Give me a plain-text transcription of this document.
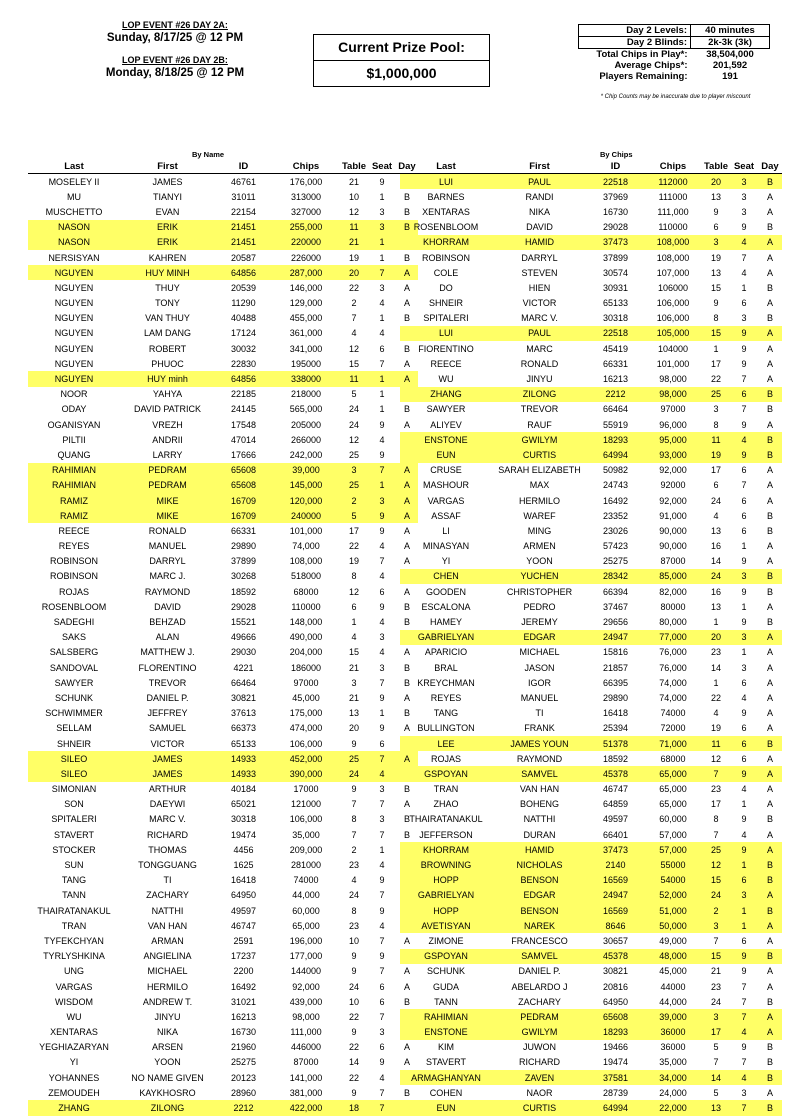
LOP EVENT #26 DAY 2A:
Sunday, 8/17/25 @ 12 PM
LOP EVENT #26 DAY 2B:
Monday, 8/18/25 @ 12 PM
Current Prize Pool:
$1,000,000
Day 2 Levels:	40 minutes
Day 2 Blinds:	2k-3k (3k)
Total Chips in Play*:	38,504,000
Average Chips*:	201,592
Players Remaining:	191
* Chip Counts may be inaccurate due to player miscount
By Name	By Chips
Last	First	ID	Chips	Table	Seat	Day
MOSELEY II	JAMES	46761	176,000	21	9	
MU	TIANYI	31011	313000	10	1	B
MUSCHETTO	EVAN	22154	327000	12	3	B
NASON	ERIK	21451	255,000	11	3	B
NASON	ERIK	21451	220000	21	1	
NERSISYAN	KAHREN	20587	226000	19	1	B
NGUYEN	HUY MINH	64856	287,000	20	7	A
NGUYEN	THUY	20539	146,000	22	3	A
NGUYEN	TONY	11290	129,000	2	4	A
NGUYEN	VAN THUY	40488	455,000	7	1	B
NGUYEN	LAM DANG	17124	361,000	4	4	
NGUYEN	ROBERT	30032	341,000	12	6	B
NGUYEN	PHUOC	22830	195000	15	7	A
NGUYEN	HUY minh	64856	338000	11	1	A
NOOR	YAHYA	22185	218000	5	1	
ODAY	DAVID PATRICK	24145	565,000	24	1	B
OGANISYAN	VREZH	17548	205000	24	9	A
PILTII	ANDRII	47014	266000	12	4	
QUANG	LARRY	17666	242,000	25	9	
RAHIMIAN	PEDRAM	65608	39,000	3	7	A
RAHIMIAN	PEDRAM	65608	145,000	25	1	A
RAMIZ	MIKE	16709	120,000	2	3	A
RAMIZ	MIKE	16709	240000	5	9	A
REECE	RONALD	66331	101,000	17	9	A
REYES	MANUEL	29890	74,000	22	4	A
ROBINSON	DARRYL	37899	108,000	19	7	A
ROBINSON	MARC J.	30268	518000	8	4	
ROJAS	RAYMOND	18592	68000	12	6	A
ROSENBLOOM	DAVID	29028	110000	6	9	B
SADEGHI	BEHZAD	15521	148,000	1	4	B
SAKS	ALAN	49666	490,000	4	3	
SALSBERG	MATTHEW J.	29030	204,000	15	4	A
SANDOVAL	FLORENTINO	4221	186000	21	3	B
SAWYER	TREVOR	66464	97000	3	7	B
SCHUNK	DANIEL P.	30821	45,000	21	9	A
SCHWIMMER	JEFFREY	37613	175,000	13	1	B
SELLAM	SAMUEL	66373	474,000	20	9	A
SHNEIR	VICTOR	65133	106,000	9	6	
SILEO	JAMES	14933	452,000	25	7	A
SILEO	JAMES	14933	390,000	24	4	
SIMONIAN	ARTHUR	40184	17000	9	3	B
SON	DAEYWI	65021	121000	7	7	A
SPITALERI	MARC V.	30318	106,000	8	3	B
STAVERT	RICHARD	19474	35,000	7	7	B
STOCKER	THOMAS	4456	209,000	2	1	
SUN	TONGGUANG	1625	281000	23	4	
TANG	TI	16418	74000	4	9	
TANN	ZACHARY	64950	44,000	24	7	
THAIRATANAKUL	NATTHI	49597	60,000	8	9	
TRAN	VAN HAN	46747	65,000	23	4	
TYFEKCHYAN	ARMAN	2591	196,000	10	7	A
TYRLYSHKINA	ANGIELINA	17237	177,000	9	9	
UNG	MICHAEL	2200	144000	9	7	A
VARGAS	HERMILO	16492	92,000	24	6	A
WISDOM	ANDREW T.	31021	439,000	10	6	B
WU	JINYU	16213	98,000	22	7	
XENTARAS	NIKA	16730	111,000	9	3	
YEGHIAZARYAN	ARSEN	21960	446000	22	6	A
YI	YOON	25275	87000	14	9	A
YOHANNES	NO NAME GIVEN	20123	141,000	22	4	
ZEMOUDEH	KAYKHOSRO	28960	381,000	9	7	B
ZHANG	ZILONG	2212	422,000	18	7	
Last	First	ID	Chips	Table	Seat	Day
LUI	PAUL	22518	112000	20	3	B
BARNES	RANDI	37969	111000	13	3	A
XENTARAS	NIKA	16730	111,000	9	3	A
ROSENBLOOM	DAVID	29028	110000	6	9	B
KHORRAM	HAMID	37473	108,000	3	4	A
ROBINSON	DARRYL	37899	108,000	19	7	A
COLE	STEVEN	30574	107,000	13	4	A
DO	HIEN	30931	106000	15	1	B
SHNEIR	VICTOR	65133	106,000	9	6	A
SPITALERI	MARC V.	30318	106,000	8	3	B
LUI	PAUL	22518	105,000	15	9	A
FIORENTINO	MARC	45419	104000	1	9	A
REECE	RONALD	66331	101,000	17	9	A
WU	JINYU	16213	98,000	22	7	A
ZHANG	ZILONG	2212	98,000	25	6	B
SAWYER	TREVOR	66464	97000	3	7	B
ALIYEV	RAUF	55919	96,000	8	9	A
ENSTONE	GWILYM	18293	95,000	11	4	B
EUN	CURTIS	64994	93,000	19	9	B
CRUSE	SARAH ELIZABETH	50982	92,000	17	6	A
MASHOUR	MAX	24743	92000	6	7	A
VARGAS	HERMILO	16492	92,000	24	6	A
ASSAF	WAREF	23352	91,000	4	6	B
LI	MING	23026	90,000	13	6	B
MINASYAN	ARMEN	57423	90,000	16	1	A
YI	YOON	25275	87000	14	9	A
CHEN	YUCHEN	28342	85,000	24	3	B
GOODEN	CHRISTOPHER	66394	82,000	16	9	B
ESCALONA	PEDRO	37467	80000	13	1	A
HAMEY	JEREMY	29656	80,000	1	9	B
GABRIELYAN	EDGAR	24947	77,000	20	3	A
APARICIO	MICHAEL	15816	76,000	23	1	A
BRAL	JASON	21857	76,000	14	3	A
KREYCHMAN	IGOR	66395	74,000	1	6	A
REYES	MANUEL	29890	74,000	22	4	A
TANG	TI	16418	74000	4	9	A
BULLINGTON	FRANK	25394	72000	19	6	A
LEE	JAMES YOUN	51378	71,000	11	6	B
ROJAS	RAYMOND	18592	68000	12	6	A
GSPOYAN	SAMVEL	45378	65,000	7	9	A
TRAN	VAN HAN	46747	65,000	23	4	A
ZHAO	BOHENG	64859	65,000	17	1	A
THAIRATANAKUL	NATTHI	49597	60,000	8	9	B
JEFFERSON	DURAN	66401	57,000	7	4	A
KHORRAM	HAMID	37473	57,000	25	9	A
BROWNING	NICHOLAS	2140	55000	12	1	B
HOPP	BENSON	16569	54000	15	6	B
GABRIELYAN	EDGAR	24947	52,000	24	3	A
HOPP	BENSON	16569	51,000	2	1	B
AVETISYAN	NAREK	8646	50,000	3	1	A
ZIMONE	FRANCESCO	30657	49,000	7	6	A
GSPOYAN	SAMVEL	45378	48,000	15	9	B
SCHUNK	DANIEL P.	30821	45,000	21	9	A
GUDA	ABELARDO J	20816	44000	23	7	A
TANN	ZACHARY	64950	44,000	24	7	B
RAHIMIAN	PEDRAM	65608	39,000	3	7	A
ENSTONE	GWILYM	18293	36000	17	4	A
KIM	JUWON	19466	36000	5	9	B
STAVERT	RICHARD	19474	35,000	7	7	B
ARMAGHANYAN	ZAVEN	37581	34,000	14	4	B
COHEN	NAOR	28739	24,000	5	3	A
EUN	CURTIS	64994	22,000	13	7	B
